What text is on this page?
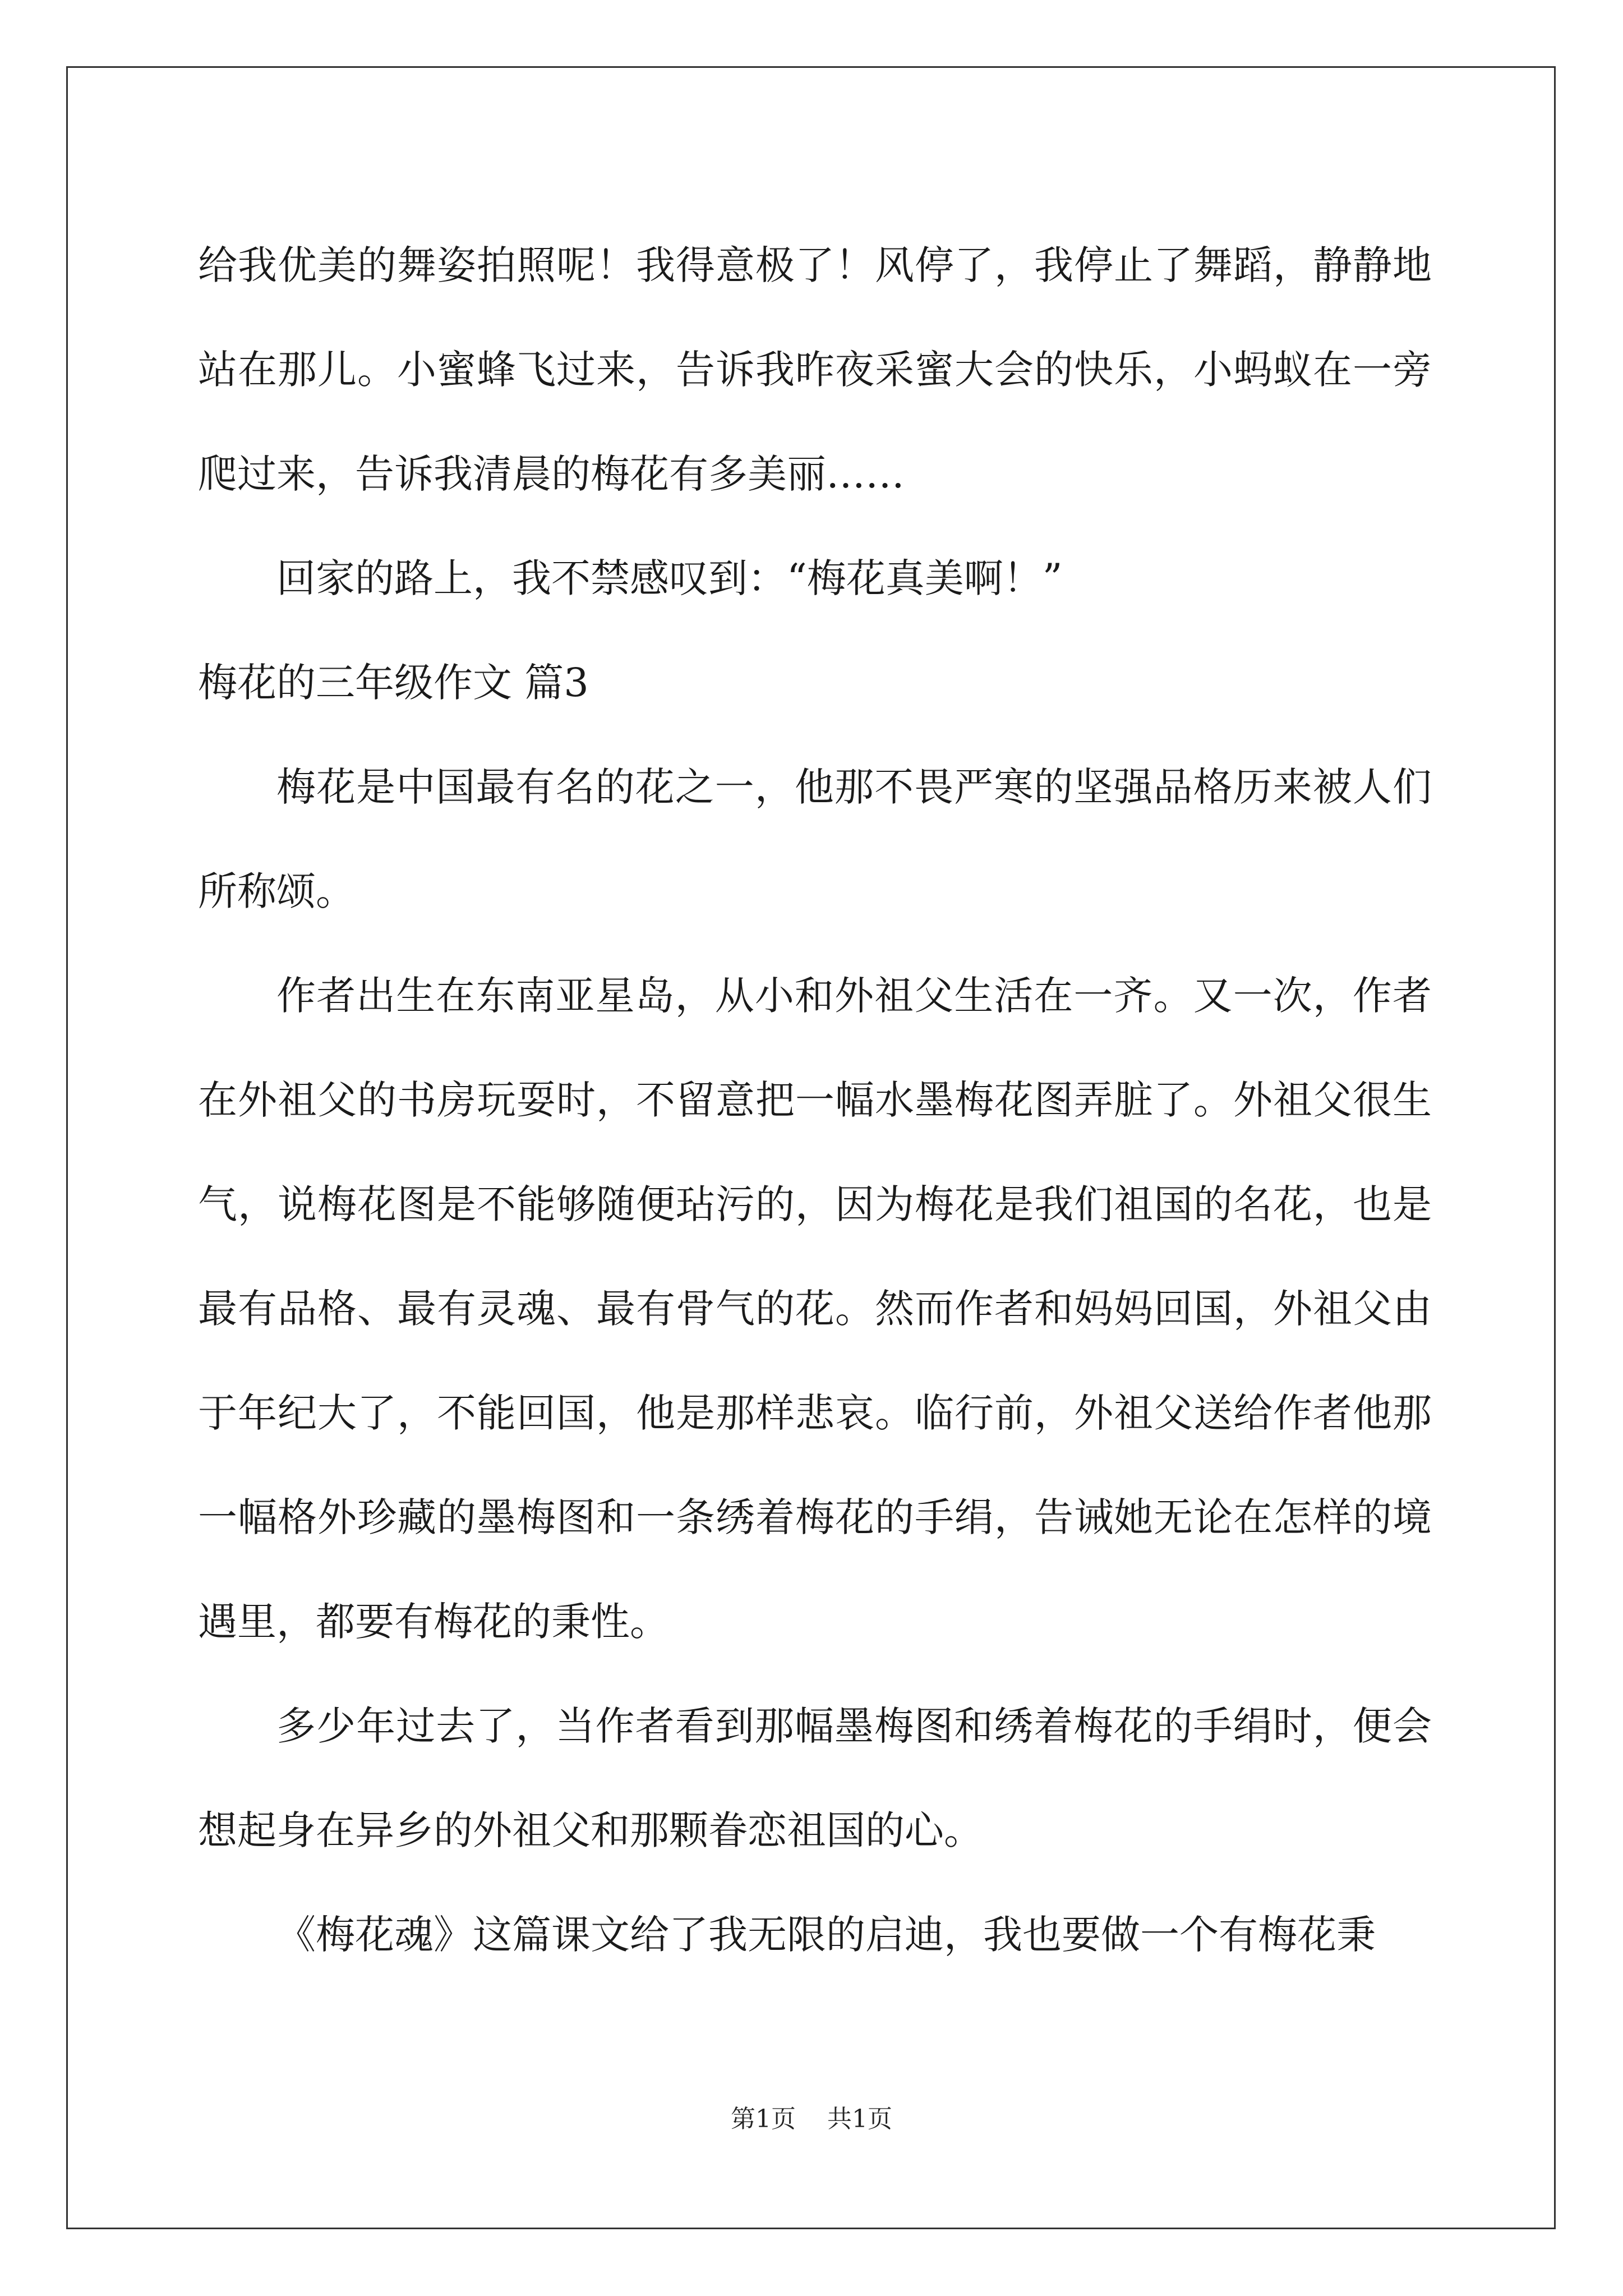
给我优美的舞姿拍照呢！我得意极了！风停了，我停止了舞蹈，静静地站在那儿。小蜜蜂飞过来，告诉我昨夜采蜜大会的快乐，小蚂蚁在一旁爬过来，告诉我清晨的梅花有多美丽……

回家的路上，我不禁感叹到：“梅花真美啊！”

梅花的三年级作文 篇3

梅花是中国最有名的花之一，他那不畏严寒的坚强品格历来被人们所称颂。

作者出生在东南亚星岛，从小和外祖父生活在一齐。又一次，作者在外祖父的书房玩耍时，不留意把一幅水墨梅花图弄脏了。外祖父很生气，说梅花图是不能够随便玷污的，因为梅花是我们祖国的名花，也是最有品格、最有灵魂、最有骨气的花。然而作者和妈妈回国，外祖父由于年纪大了，不能回国，他是那样悲哀。临行前，外祖父送给作者他那一幅格外珍藏的墨梅图和一条绣着梅花的手绢，告诫她无论在怎样的境遇里，都要有梅花的秉性。

多少年过去了，当作者看到那幅墨梅图和绣着梅花的手绢时，便会想起身在异乡的外祖父和那颗眷恋祖国的心。

《梅花魂》这篇课文给了我无限的启迪，我也要做一个有梅花秉

第1页 共1页
